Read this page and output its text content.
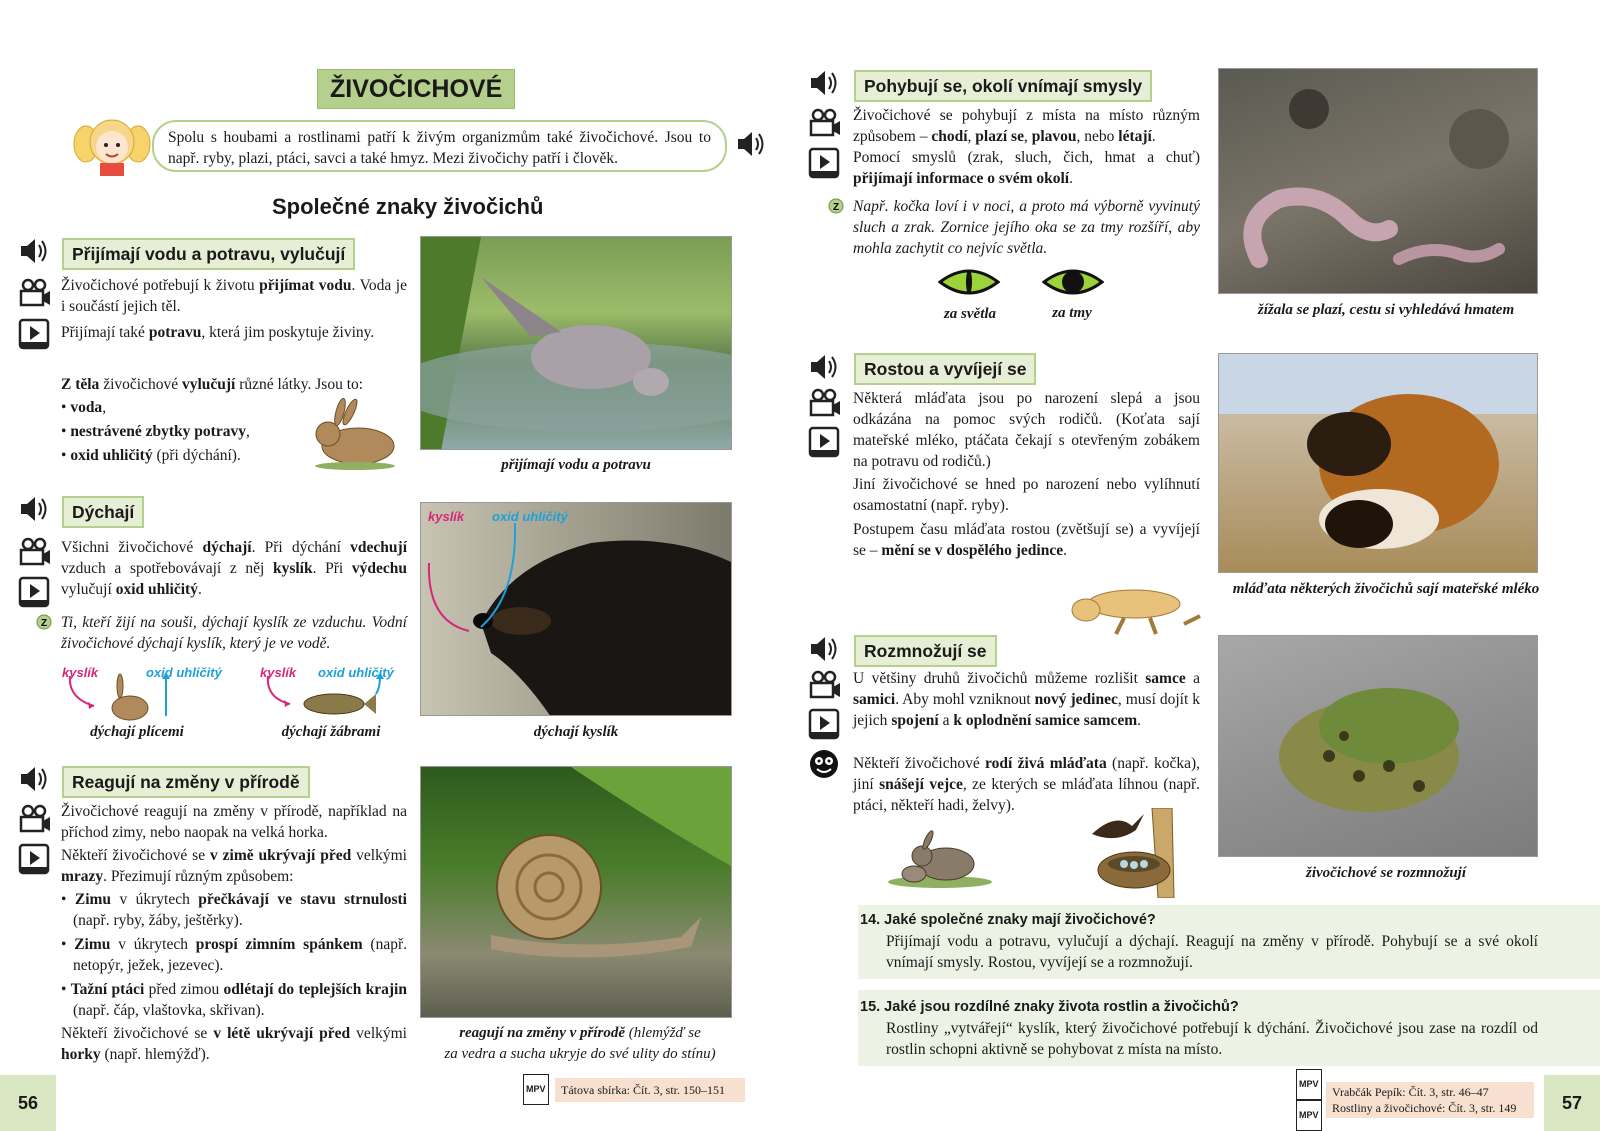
ŽIVOČICHOVÉ
Spolu s houbami a rostlinami patří k živým organizmům také živočichové. Jsou to např. ryby, plazi, ptáci, savci a také hmyz. Mezi živočichy patří i člověk.
Společné znaky živočichů
Přijímají vodu a potravu, vylučují
Živočichové potřebují k životu přijímat vodu. Voda je i součástí jejich těl.
Přijímají také potravu, která jim poskytuje živiny.
Z těla živočichové vylučují různé látky. Jsou to:
• voda,
• nestrávené zbytky potravy,
• oxid uhličitý (při dýchání).
přijímají vodu a potravu
Dýchají
Všichni živočichové dýchají. Při dýchání vdechují vzduch a spotřebovávají z něj kyslík. Při výdechu vylučují oxid uhličitý.
Z Ti, kteří žijí na souši, dýchají kyslík ze vzduchu. Vodní živočichové dýchají kyslík, který je ve vodě.
kyslík	oxid uhličitý
dýchají plícemi
kyslík oxid uhličitý
dýchají žábrami
kyslík oxid uhličitý
dýchají kyslík
Reagují na změny v přírodě
Živočichové reagují na změny v přírodě, například na příchod zimy, nebo naopak na velká horka.
Někteří živočichové se v zimě ukrývají před velkými mrazy. Přezimují různým způsobem:
• Zimu v úkrytech přečkávají ve stavu strnulosti (např. ryby, žáby, ještěrky).
• Zimu v úkrytech prospí zimním spánkem (např. netopýr, ježek, jezevec).
• Tažní ptáci před zimou odlétají do teplejších krajin (např. čáp, vlaštovka, skřivan).
Někteří živočichové se v létě ukrývají před velkými horky (např. hlemýžď).
reagují na změny v přírodě (hlemýžď se
za vedra a sucha ukryje do své ulity do stínu)
MPV	Tátova sbírka: Čít. 3, str. 150–151
56
Pohybují se, okolí vnímají smysly
Živočichové se pohybují z místa na místo různým způsobem – chodí, plazí se, plavou, nebo létají.
Pomocí smyslů (zrak, sluch, čich, hmat a chuť) přijímají informace o svém okolí.
Z Např. kočka loví i v noci, a proto má výborně vyvinutý sluch a zrak. Zornice jejího oka se za tmy rozšíří, aby mohla zachytit co nejvíc světla.
za světla	za tmy	žížala se plazí, cestu si vyhledává hmatem
Rostou a vyvíjejí se
Některá mláďata jsou po narození slepá a jsou odkázána na pomoc svých rodičů. (Koťata sají mateřské mléko, ptáčata čekají s otevřeným zobákem na potravu od rodičů.)
Jiní živočichové se hned po narození nebo vylíhnutí osamostatní (např. ryby).
Postupem času mláďata rostou (zvětšují se) a vyvíjejí se – mění se v dospělého jedince.
mláďata některých živočichů sají mateřské mléko
Rozmnožují se
U většiny druhů živočichů můžeme rozlišit samce a samici. Aby mohl vzniknout nový jedinec, musí dojít k jejich spojení a k oplodnění samice samcem.
Někteří živočichové rodí živá mláďata (např. kočka), jiní snášejí vejce, ze kterých se mláďata líhnou (např. ptáci, někteří hadi, želvy).
živočichové se rozmnožují
14. Jaké společné znaky mají živočichové?
Přijímají vodu a potravu, vylučují a dýchají. Reagují na změny v přírodě. Pohybují se a své okolí vnímají smysly. Rostou, vyvíjejí se a rozmnožují.
15. Jaké jsou rozdílné znaky života rostlin a živočichů?
Rostliny „vytvářejí“ kyslík, který živočichové potřebují k dýchání. Živočichové jsou zase na rozdíl od rostlin schopni aktivně se pohybovat z místa na místo.
MPV
MPV
Vrabčák Pepík: Čít. 3, str. 46–47
Rostliny a živočichové: Čít. 3, str. 149	57
